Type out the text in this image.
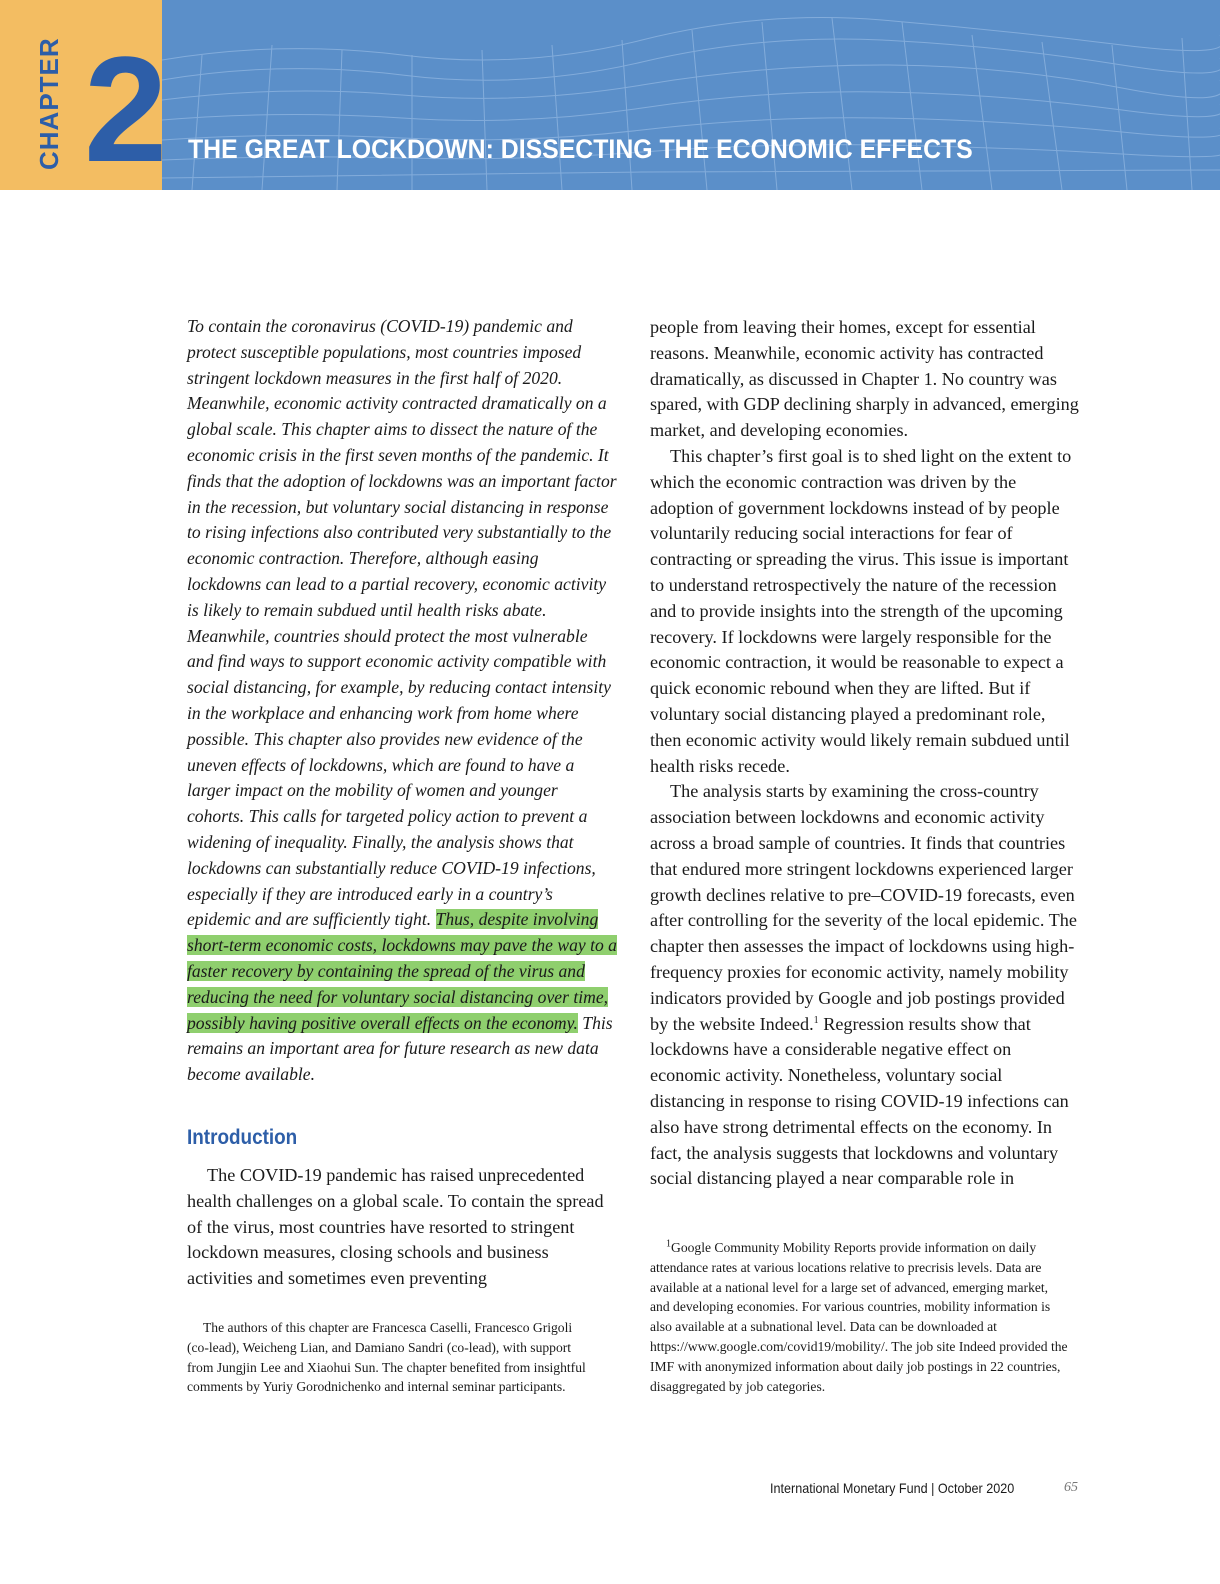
CHAPTER 2 THE GREAT LOCKDOWN: DISSECTING THE ECONOMIC EFFECTS
To contain the coronavirus (COVID-19) pandemic and protect susceptible populations, most countries imposed stringent lockdown measures in the first half of 2020. Meanwhile, economic activity contracted dramatically on a global scale. This chapter aims to dissect the nature of the economic crisis in the first seven months of the pandemic. It finds that the adoption of lockdowns was an important factor in the recession, but voluntary social distancing in response to rising infections also contributed very substantially to the economic contraction. Therefore, although easing lockdowns can lead to a partial recovery, economic activity is likely to remain subdued until health risks abate. Meanwhile, countries should protect the most vulnerable and find ways to support economic activity compatible with social distancing, for example, by reducing contact intensity in the workplace and enhancing work from home where possible. This chapter also provides new evidence of the uneven effects of lockdowns, which are found to have a larger impact on the mobility of women and younger cohorts. This calls for targeted policy action to prevent a widening of inequality. Finally, the analysis shows that lockdowns can substantially reduce COVID-19 infections, especially if they are introduced early in a country’s epidemic and are sufficiently tight. Thus, despite involving short-term economic costs, lockdowns may pave the way to a faster recovery by containing the spread of the virus and reducing the need for voluntary social distancing over time, possibly having positive overall effects on the economy. This remains an important area for future research as new data become available.
Introduction

The COVID-19 pandemic has raised unprecedented health challenges on a global scale. To contain the spread of the virus, most countries have resorted to stringent lockdown measures, closing schools and business activities and sometimes even preventing

people from leaving their homes, except for essential reasons. Meanwhile, economic activity has contracted dramatically, as discussed in Chapter 1. No country was spared, with GDP declining sharply in advanced, emerging market, and developing economies.

This chapter’s first goal is to shed light on the extent to which the economic contraction was driven by the adoption of government lockdowns instead of by people voluntarily reducing social interactions for fear of contracting or spreading the virus. This issue is important to understand retrospectively the nature of the recession and to provide insights into the strength of the upcoming recovery. If lockdowns were largely responsible for the economic contraction, it would be reasonable to expect a quick economic rebound when they are lifted. But if voluntary social distancing played a predominant role, then economic activity would likely remain subdued until health risks recede.

The analysis starts by examining the cross-country association between lockdowns and economic activity across a broad sample of countries. It finds that countries that endured more stringent lockdowns experienced larger growth declines relative to pre–COVID-19 forecasts, even after controlling for the severity of the local epidemic. The chapter then assesses the impact of lockdowns using high-frequency proxies for economic activity, namely mobility indicators provided by Google and job postings provided by the website Indeed.$^1$ Regression results show that lockdowns have a considerable negative effect on economic activity. Nonetheless, voluntary social distancing in response to rising COVID-19 infections can also have strong detrimental effects on the economy. In fact, the analysis suggests that lockdowns and voluntary social distancing played a near comparable role in

The authors of this chapter are Francesca Caselli, Francesco Grigoli (co-lead), Weicheng Lian, and Damiano Sandri (co-lead), with support from Jungjin Lee and Xiaohui Sun. The chapter benefited from insightful comments by Yuriy Gorodnichenko and internal seminar participants.

$^1$Google Community Mobility Reports provide information on daily attendance rates at various locations relative to precrisis levels. Data are available at a national level for a large set of advanced, emerging market, and developing economies. For various countries, mobility information is also available at a subnational level. Data can be downloaded at https://www.google.com/covid19/mobility/. The job site Indeed provided the IMF with anonymized information about daily job postings in 22 countries, disaggregated by job categories.

International Monetary Fund | October 2020	65
